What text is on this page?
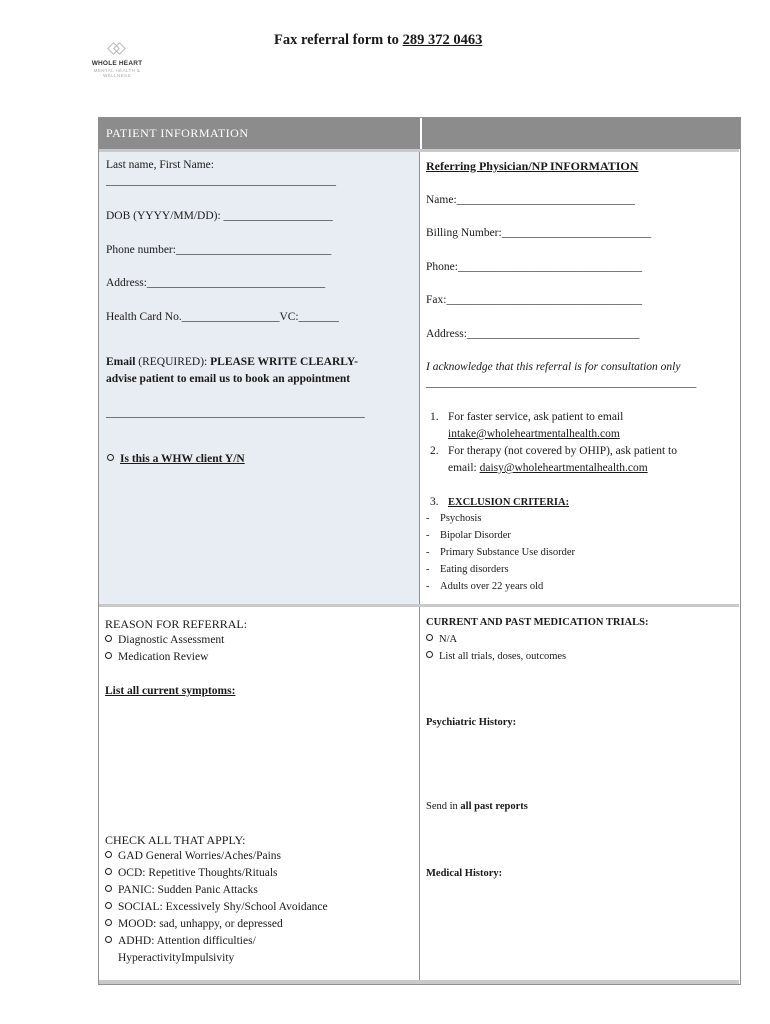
WHOLE HEART
MENTAL HEALTH & WELLNESS
Fax referral form to 289 372 0463
PATIENT INFORMATION
Last name, First Name:
________________________________________
DOB (YYYY/MM/DD): ___________________
Phone number:___________________________
Address:_______________________________
Health Card No._________________VC:_______
Email (REQUIRED): PLEASE WRITE CLEARLY-
advise patient to email us to book an appointment
_____________________________________________
Is this a WHW client Y/N
Referring Physician/NP INFORMATION
Name:_______________________________
Billing Number:__________________________
Phone:________________________________
Fax:__________________________________
Address:______________________________
I acknowledge that this referral is for consultation only
_______________________________________________
1. For faster service, ask patient to email
intake@wholeheartmentalhealth.com
2. For therapy (not covered by OHIP), ask patient to
email: daisy@wholeheartmentalhealth.com
3. EXCLUSION CRITERIA:
- Psychosis
- Bipolar Disorder
- Primary Substance Use disorder
- Eating disorders
- Adults over 22 years old
REASON FOR REFERRAL:
Diagnostic Assessment
Medication Review
List all current symptoms:
CHECK ALL THAT APPLY:
GAD General Worries/Aches/Pains
OCD: Repetitive Thoughts/Rituals
PANIC: Sudden Panic Attacks
SOCIAL: Excessively Shy/School Avoidance
MOOD: sad, unhappy, or depressed
ADHD: Attention difficulties/
HyperactivityImpulsivity
CURRENT AND PAST MEDICATION TRIALS:
N/A
List all trials, doses, outcomes
Psychiatric History:
Send in all past reports
Medical History:
